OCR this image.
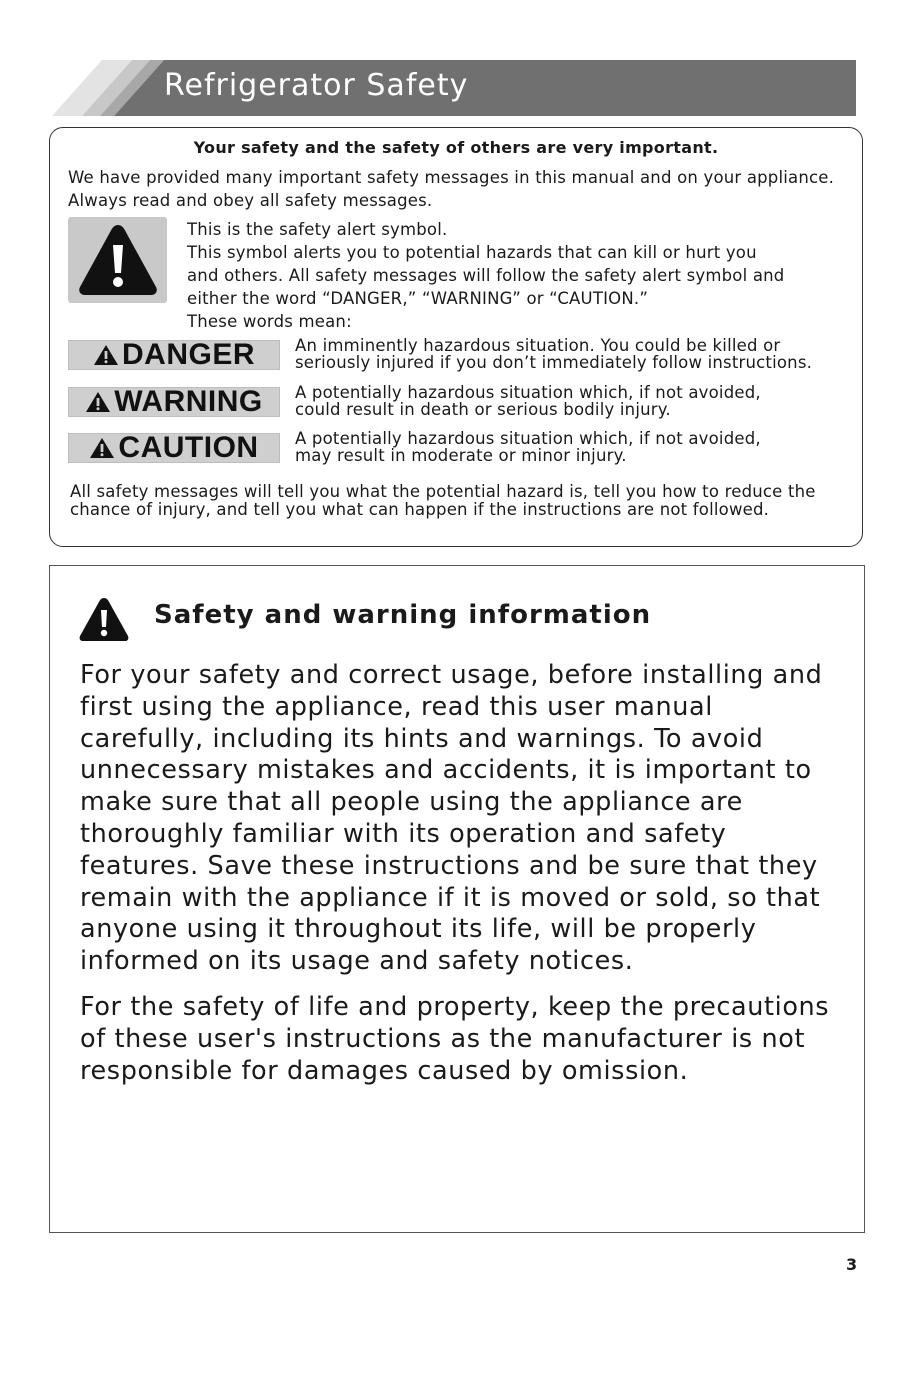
Refrigerator Safety
Your safety and the safety of others are very important.
We have provided many important safety messages in this manual and on your appliance. Always read and obey all safety messages.
This is the safety alert symbol.
This symbol alerts you to potential hazards that can kill or hurt you
and others. All safety messages will follow the safety alert symbol and
either the word “DANGER,” “WARNING” or “CAUTION.”
These words mean:
DANGER An imminently hazardous situation. You could be killed or
seriously injured if you don’t immediately follow instructions.
WARNING A potentially hazardous situation which, if not avoided,
could result in death or serious bodily injury.
CAUTION A potentially hazardous situation which, if not avoided,
may result in moderate or minor injury.
All safety messages will tell you what the potential hazard is, tell you how to reduce the chance of injury, and tell you what can happen if the instructions are not followed.
Safety and warning information
For your safety and correct usage, before installing and
first using the appliance, read this user manual
carefully, including its hints and warnings. To avoid
unnecessary mistakes and accidents, it is important to
make sure that all people using the appliance are
thoroughly familiar with its operation and safety
features. Save these instructions and be sure that they
remain with the appliance if it is moved or sold, so that
anyone using it throughout its life, will be properly
informed on its usage and safety notices.
For the safety of life and property, keep the precautions
of these user's instructions as the manufacturer is not
responsible for damages caused by omission.
3
